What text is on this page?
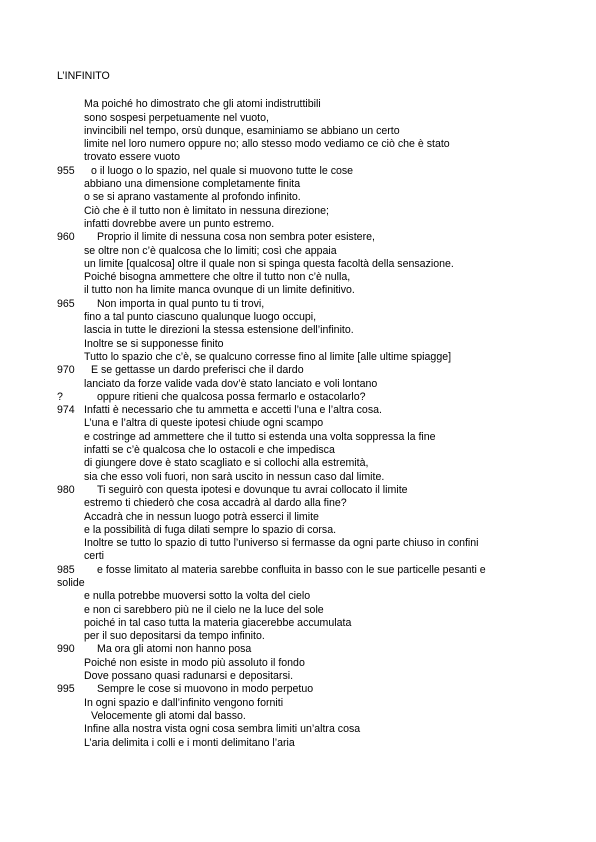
L’INFINITO
Ma poiché ho dimostrato che gli atomi indistruttibili
sono sospesi perpetuamente nel vuoto,
invincibili nel tempo, orsù dunque, esaminiamo se abbiano un certo
limite nel loro numero oppure no; allo stesso modo vediamo ce ciò che è stato
trovato essere vuoto
955 o il luogo o lo spazio, nel quale si muovono tutte le cose
abbiano una dimensione completamente finita
o se si aprano vastamente al profondo infinito.
Ciò che è il tutto non è limitato in nessuna direzione;
infatti dovrebbe avere un punto estremo.
960 Proprio il limite di nessuna cosa non sembra poter esistere,
se oltre non c’è qualcosa che lo limiti; così che appaia
un limite [qualcosa] oltre il quale non si spinga questa facoltà della sensazione.
Poiché bisogna ammettere che oltre il tutto non c’è nulla,
il tutto non ha limite manca ovunque di un limite definitivo.
965 Non importa in qual punto tu ti trovi,
fino a tal punto ciascuno qualunque luogo occupi,
lascia in tutte le direzioni la stessa estensione dell’infinito.
Inoltre se si supponesse finito
Tutto lo spazio che c’è, se qualcuno corresse fino al limite [alle ultime spiagge]
970 E se gettasse un dardo preferisci che il dardo
lanciato da forze valide vada dov’è stato lanciato e voli lontano
?	oppure ritieni che qualcosa possa fermarlo e ostacolarlo?
974 Infatti è necessario che tu ammetta e accetti l’una e l’altra cosa.
L’una e l’altra di queste ipotesi chiude ogni scampo
e costringe ad ammettere che il tutto si estenda una volta soppressa la fine
infatti se c’è qualcosa che lo ostacoli e che impedisca
di giungere dove è stato scagliato e si collochi alla estremità,
sia che esso voli fuori, non sarà uscito in nessun caso dal limite.
980 Ti seguirò con questa ipotesi e dovunque tu avrai collocato il limite
estremo ti chiederò che cosa accadrà al dardo alla fine?
Accadrà che in nessun luogo potrà esserci il limite
e la possibilità di fuga dilati sempre lo spazio di corsa.
Inoltre se tutto lo spazio di tutto l’universo si fermasse da ogni parte chiuso in confini
certi
985 e fosse limitato al materia sarebbe confluita in basso con le sue particelle pesanti e
solide
e nulla potrebbe muoversi sotto la volta del cielo
e non ci sarebbero più ne il cielo ne la luce del sole
poiché in tal caso tutta la materia giacerebbe accumulata
per il suo depositarsi da tempo infinito.
990 Ma ora gli atomi non hanno posa
Poiché non esiste in modo più assoluto il fondo
Dove possano quasi radunarsi e depositarsi.
995 Sempre le cose si muovono in modo perpetuo
In ogni spazio e dall’infinito vengono forniti
Velocemente gli atomi dal basso.
Infine alla nostra vista ogni cosa sembra limiti un’altra cosa
L’aria delimita i colli e i monti delimitano l’aria
